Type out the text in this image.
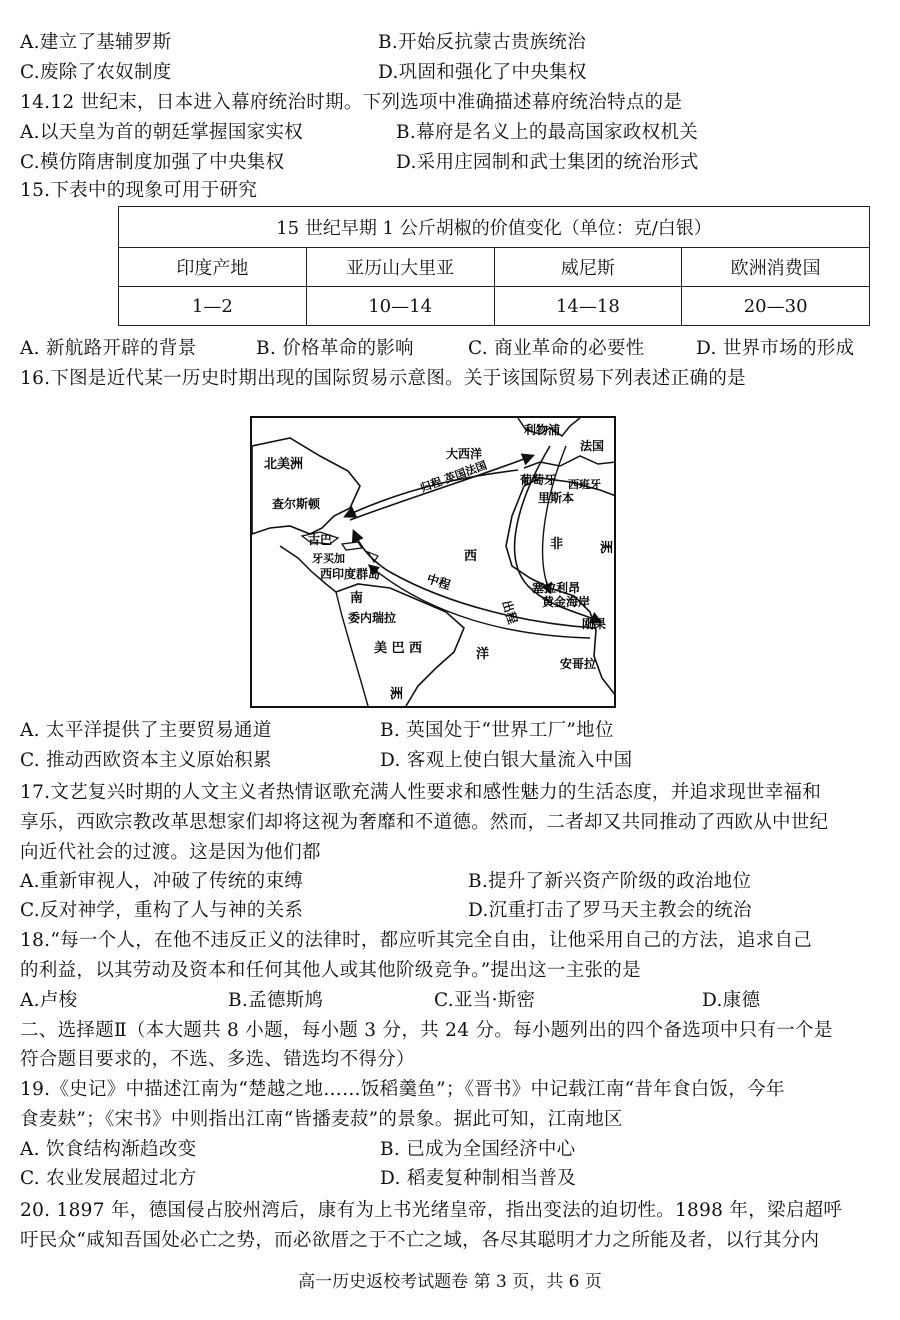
A.建立了基辅罗斯	B.开始反抗蒙古贵族统治
C.废除了农奴制度	D.巩固和强化了中央集权
14.12 世纪末，日本进入幕府统治时期。下列选项中准确描述幕府统治特点的是
A.以天皇为首的朝廷掌握国家实权	B.幕府是名义上的最高国家政权机关
C.模仿隋唐制度加强了中央集权	D.采用庄园制和武士集团的统治形式
15.下表中的现象可用于研究
15 世纪早期 1 公斤胡椒的价值变化（单位：克/白银）			
印度产地	亚历山大里亚	威尼斯	欧洲消费国
1—2	10—14	14—18	20—30
A. 新航路开辟的背景	B. 价格革命的影响	C. 商业革命的必要性	D. 世界市场的形成
16.下图是近代某一历史时期出现的国际贸易示意图。关于该国际贸易下列表述正确的是
北美洲
大西洋
利物浦
法国
葡萄牙 西班牙
里斯本
查尔斯顿
古巴
牙买加
西印度群岛
西
非	洲
归程 英国法国
中程
出程
塞拉利昂
黄金海岸
刚果
安哥拉
南
委内瑞拉
美 巴 西	洋
洲
A. 太平洋提供了主要贸易通道	B. 英国处于“世界工厂”地位
C. 推动西欧资本主义原始积累	D. 客观上使白银大量流入中国
17.文艺复兴时期的人文主义者热情讴歌充满人性要求和感性魅力的生活态度，并追求现世幸福和
享乐，西欧宗教改革思想家们却将这视为奢靡和不道德。然而，二者却又共同推动了西欧从中世纪
向近代社会的过渡。这是因为他们都
A.重新审视人，冲破了传统的束缚	B.提升了新兴资产阶级的政治地位
C.反对神学，重构了人与神的关系	D.沉重打击了罗马天主教会的统治
18.“每一个人，在他不违反正义的法律时，都应听其完全自由，让他采用自己的方法，追求自己
的利益，以其劳动及资本和任何其他人或其他阶级竞争。”提出这一主张的是
A.卢梭	B.孟德斯鸠	C.亚当·斯密	D.康德
二、选择题Ⅱ（本大题共 8 小题，每小题 3 分，共 24 分。每小题列出的四个备选项中只有一个是
符合题目要求的，不选、多选、错选均不得分）
19.《史记》中描述江南为“楚越之地……饭稻羹鱼”；《晋书》中记载江南“昔年食白饭，今年
食麦麸”；《宋书》中则指出江南“皆播麦菽”的景象。据此可知，江南地区
A. 饮食结构渐趋改变	B. 已成为全国经济中心
C. 农业发展超过北方	D. 稻麦复种制相当普及
20. 1897 年，德国侵占胶州湾后，康有为上书光绪皇帝，指出变法的迫切性。1898 年，梁启超呼
吁民众“咸知吾国处必亡之势，而必欲厝之于不亡之域，各尽其聪明才力之所能及者，以行其分内
高一历史返校考试题卷 第 3 页，共 6 页
